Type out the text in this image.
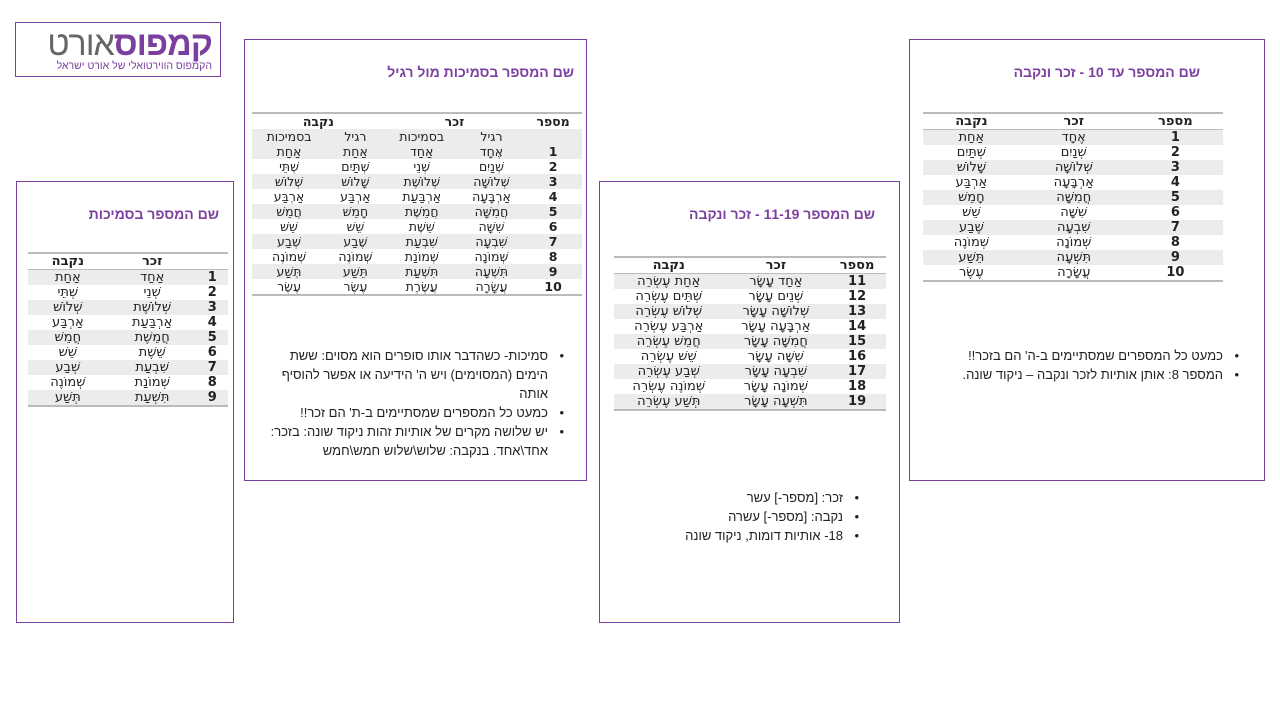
קמפוסאורט
הקמפוס הווירטואלי של אורט ישראל	שם המספר עד 10 - זכר ונקבה
מספר	זכר	נקבה
1	אֶחָד	אַחַת
2	שְׁנַיִם	שְׁתַּיִם
3	שְׁלוֹשָׁה	שָׁלוֹשׁ
4	אַרְבָּעָה	אַרְבַּע
5	חֲמִשָּׁה	חָמֵשׁ
6	שִׁשָּׁה	שֵׁשׁ
7	שִׁבְעָה	שֶׁבַע
8	שְׁמוֹנָה	שְׁמוֹנֶה
9	תִּשְׁעָה	תֵּשַׁע
10	עֲשָׂרָה	עֶשֶׂר
• כמעט כל המספרים שמסתיימים ב-ה' הם בזכר!!
• המספר 8: אותן אותיות לזכר ונקבה – ניקוד שונה.
שם המספר 11-19 - זכר ונקבה
מספר	זכר	נקבה
11	אַחַד עָשָׂר	אַחַת עֶשְׂרֵה
12	שְׁנֵים עָשָׂר	שְׁתֵּים עֶשְׂרֵה
13	שְׁלוֹשָׁה עָשָׂר	שְׁלוֹשׁ עֶשְׂרֵה
14	אַרְבָּעָה עָשָׂר	אַרְבַּע עֶשְׂרֵה
15	חֲמִשָּׁה עָשָׂר	חֲמֵשׁ עֶשְׂרֵה
16	שִׁשָּׁה עָשָׂר	שֵׁשׁ עֶשְׂרֵה
17	שִׁבְעָה עָשָׂר	שְׁבַע עֶשְׂרֵה
18	שְׁמוֹנָה עָשָׂר	שְׁמוֹנֶה עֶשְׂרֵה
19	תִּשְׁעָה עָשָׂר	תְּשַׁע עֶשְׂרֵה
• זכר: [מספר-] עשר
• נקבה: [מספר-] עשרה
• 18- אותיות דומות, ניקוד שונה
שם המספר בסמיכות מול רגיל
מספר	זכר		נקבה	
	רגיל	בסמיכות	רגיל	בסמיכות
1	אֶחָד	אַחַד	אַחַת	אַחַת
2	שְׁנַיִם	שְׁנֵי	שְׁתַּיִם	שְׁתֵּי
3	שְׁלוֹשָׁה	שְׁלוֹשֶׁת	שָׁלוֹשׁ	שְׁלוֹשׁ
4	אַרְבָּעָה	אַרְבַּעַת	אַרְבַּע	אַרְבַּע
5	חֲמִשָּׁה	חֲמֵשֶׁת	חָמֵשׁ	חֲמֵשׁ
6	שִׁשָּׁה	שֵׁשֶׁת	שֵׁשׁ	שֵׁשׁ
7	שִׁבְעָה	שִׁבְעַת	שֶׁבַע	שְׁבַע
8	שְׁמוֹנָה	שְׁמוֹנַת	שְׁמוֹנֶה	שְׁמוֹנֶה
9	תִּשְׁעָה	תִּשְׁעַת	תֵּשַׁע	תְּשַׁע
10	עֲשָׂרָה	עֲשֶׂרֶת	עֶשֶׂר	עֶשֶׂר
• סמיכות- כשהדבר אותו סופרים הוא מסוים: ששת הימים (המסוימים) ויש ה' הידיעה או אפשר להוסיף אותה
• כמעט כל המספרים שמסתיימים ב-ת' הם זכר!!
• יש שלושה מקרים של אותיות זהות ניקוד שונה: בזכר: אחד\אחד. בנקבה: שלוש\שלוש חמש\חמש
שם המספר בסמיכות
	זכר	נקבה
1	אַחַד	אַחַת
2	שְׁנֵי	שְׁתֵּי
3	שְׁלוֹשֶׁת	שְׁלוֹשׁ
4	אַרְבַּעַת	אַרְבַּע
5	חֲמֵשֶׁת	חֲמֵשׁ
6	שֵׁשֶׁת	שֵׁשׁ
7	שִׁבְעַת	שְׁבַע
8	שְׁמוֹנַת	שְׁמוֹנֶה
9	תִּשְׁעַת	תְּשַׁע
